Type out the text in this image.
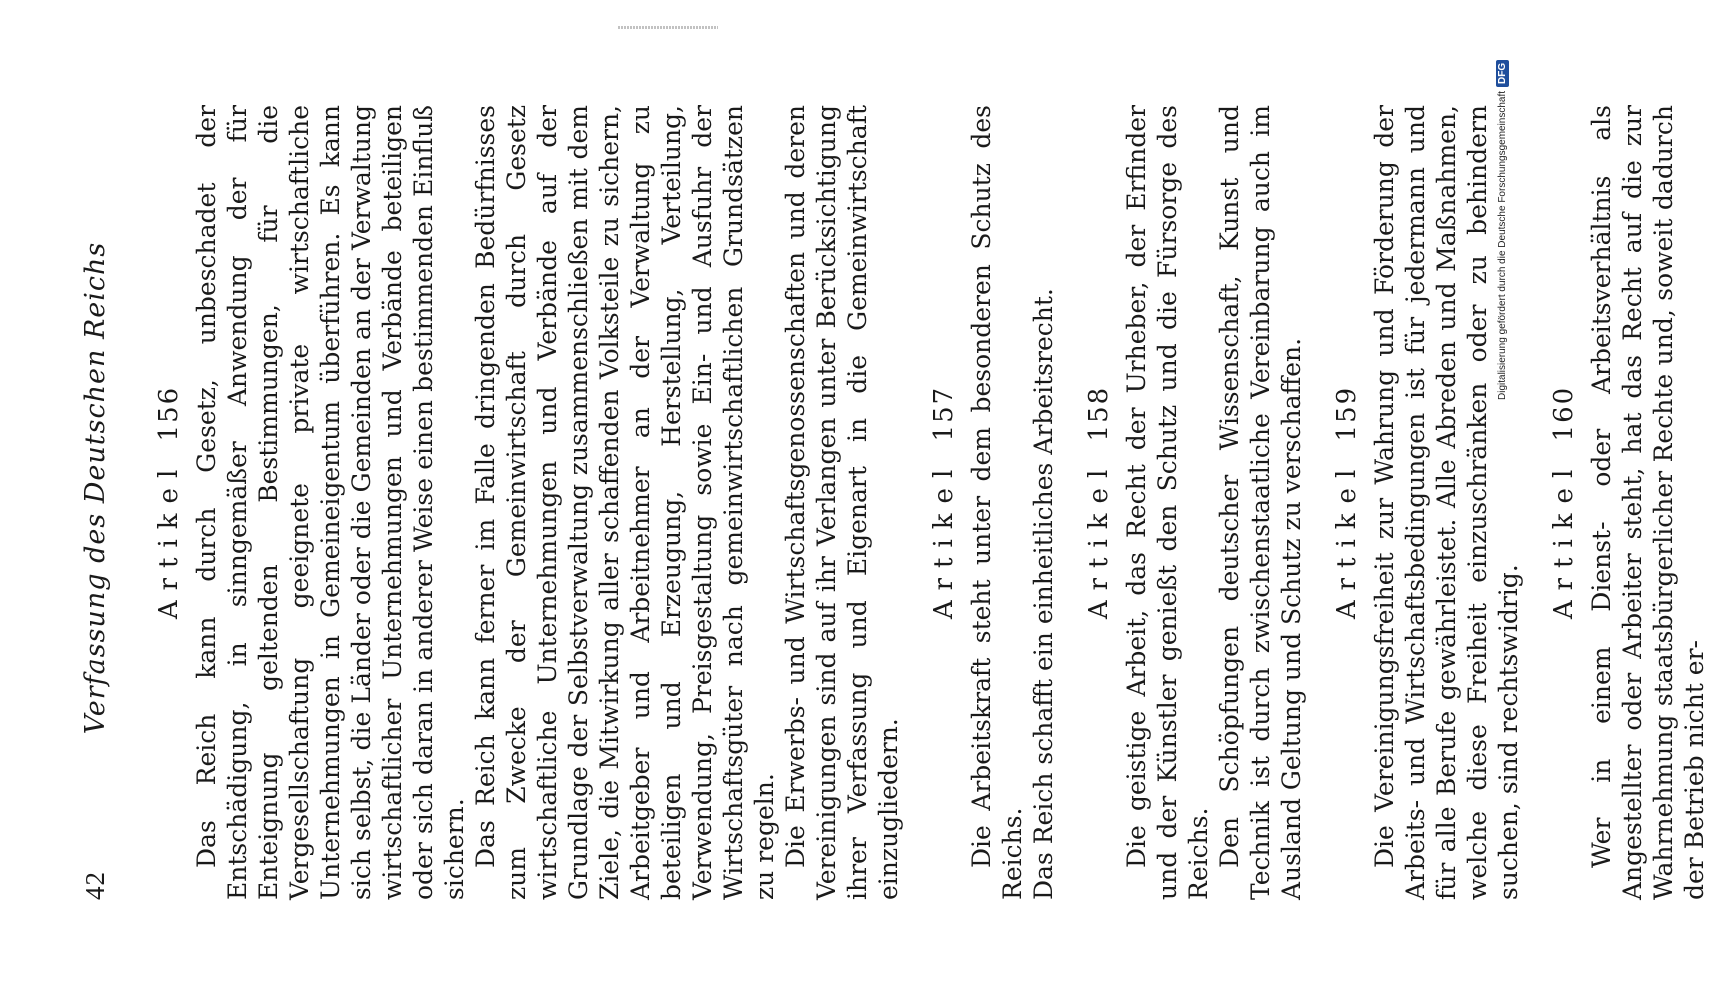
42
Verfassung des Deutschen Reichs Artikel 156 Das Reich kann durch Gesetz, unbeschadet der Entschädigung, in sinngemäßer Anwendung der für Enteignung geltenden Bestimmungen, für die Vergesellschaftung geeignete private wirtschaftliche Unternehmungen in Gemeineigentum überführen. Es kann sich selbst, die Länder oder die Gemeinden an der Verwaltung wirtschaftlicher Unternehmungen und Verbände beteiligen oder sich daran in anderer Weise einen bestimmenden Einfluß sichern. Das Reich kann ferner im Falle dringenden Bedürfnisses zum Zwecke der Gemeinwirtschaft durch Gesetz wirtschaftliche Unternehmungen und Verbände auf der Grundlage der Selbstverwaltung zusammenschließen mit dem Ziele, die Mitwirkung aller schaffenden Volksteile zu sichern, Arbeitgeber und Arbeitnehmer an der Verwaltung zu beteiligen und Erzeugung, Herstellung, Verteilung, Verwendung, Preisgestaltung sowie Ein- und Ausfuhr der Wirtschaftsgüter nach gemeinwirtschaftlichen Grundsätzen zu regeln. Die Erwerbs- und Wirtschaftsgenossenschaften und deren Vereinigungen sind auf ihr Verlangen unter Berücksichtigung ihrer Verfassung und Eigenart in die Gemeinwirtschaft einzugliedern.

Artikel 157 Die Arbeitskraft steht unter dem besonderen Schutz des Reichs. Das Reich schafft ein einheitliches Arbeitsrecht. Artikel 158 Die geistige Arbeit, das Recht der Urheber, der Erfinder und der Künstler genießt den Schutz und die Fürsorge des Reichs. Den Schöpfungen deutscher Wissenschaft, Kunst und Technik ist durch zwischenstaatliche Vereinbarung auch im Ausland Geltung und Schutz zu verschaffen. Artikel 159 Die Vereinigungsfreiheit zur Wahrung und Förderung der Arbeits- und Wirtschaftsbedingungen ist für jedermann und für alle Berufe gewährleistet. Alle Abreden und Maßnahmen, welche diese Freiheit einzuschränken oder zu behindern suchen, sind rechtswidrig.

Artikel 160 Wer in einem Dienst- oder Arbeitsverhältnis als Angestellter oder Arbeiter steht, hat das Recht auf die zur Wahrnehmung staatsbürgerlicher Rechte und, soweit dadurch der Betrieb nicht er-

Digitalisierung gefördert durch die Deutsche Forschungsgemeinschaft
DFG
